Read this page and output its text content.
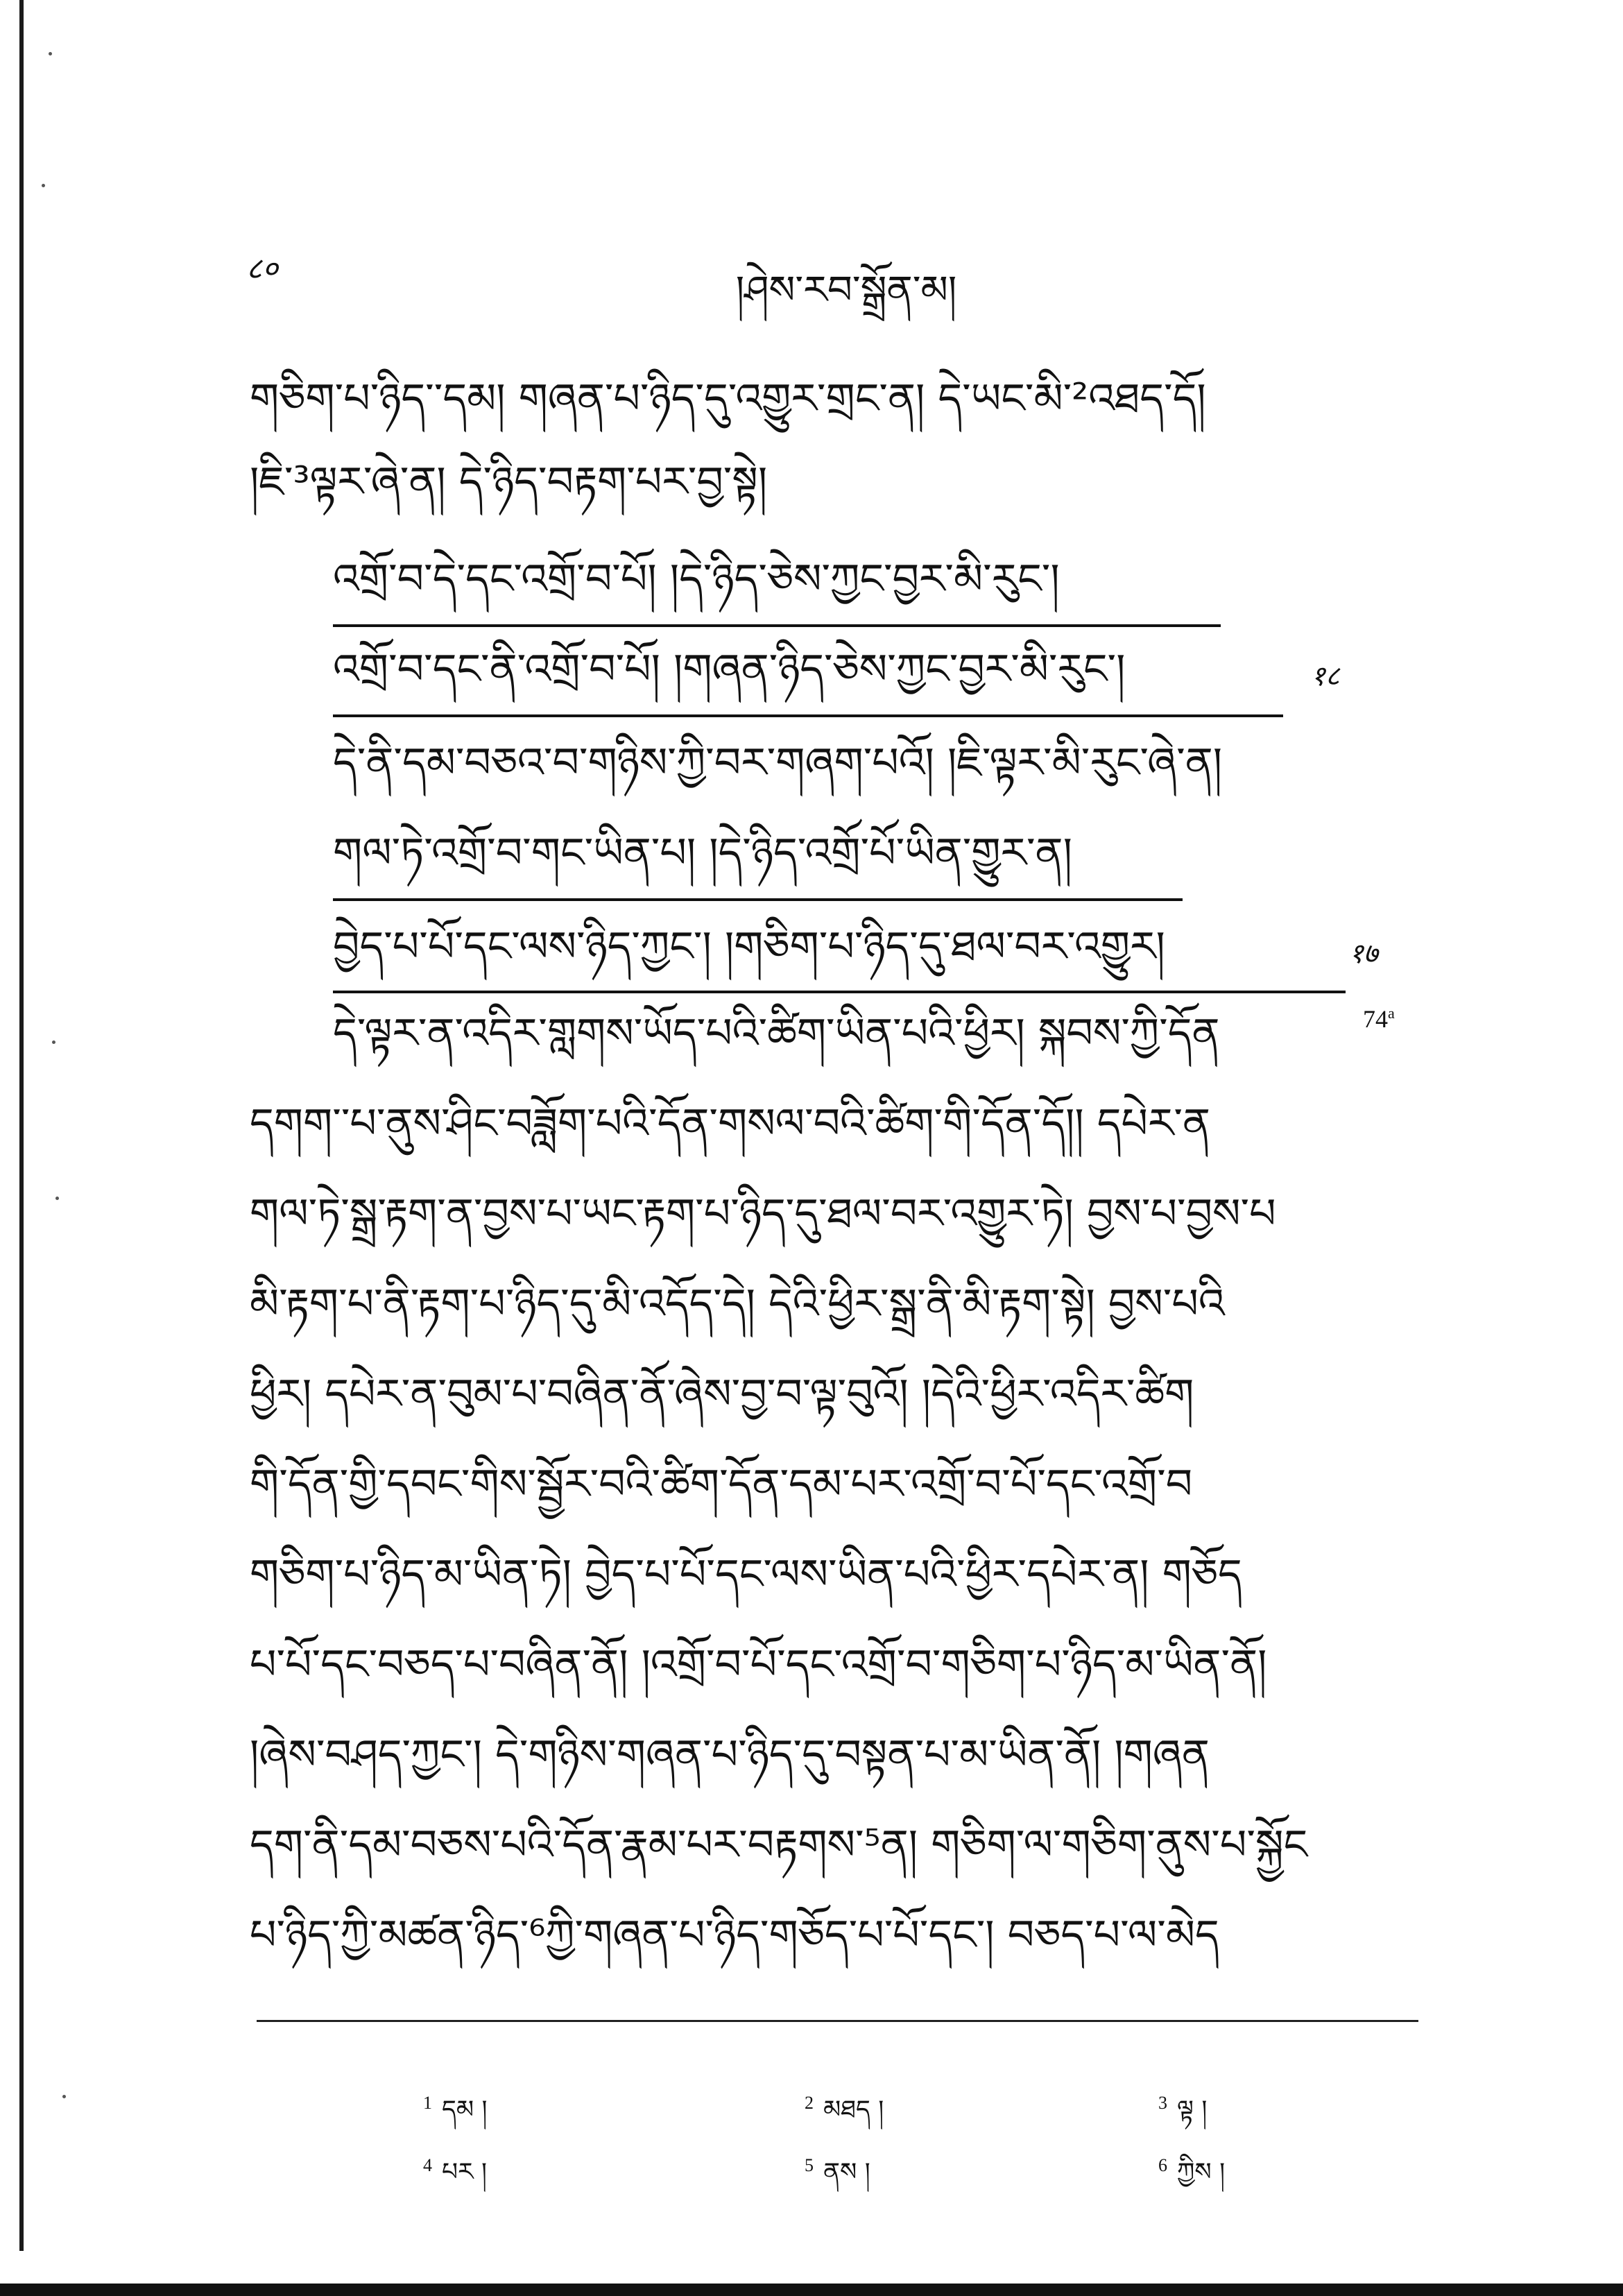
८०	།ཤེས་རབ་སྒྲོན་མ།
གཅིག་པ་ཉིད་་དམ། གཞན་པ་ཉིད་དུ་འགྱུར་གྲང་ན། དེ་ཡང་མི་²འཐད་དོ།
།ཇི་³ལྟར་ཞེ་ན། དེ་ཉིད་བརྟག་པར་བྱ་སྟེ།
འགྲོ་བ་དེ་དང་འགྲོ་བ་པོ། །དེ་ཉིད་ཅེས་ཀྱང་བྱར་མི་རུང་།
འགྲོ་བ་དང་ནི་འགྲོ་བ་པོ། །གཞན་ཉིད་ཅེས་ཀྱང་བྱར་མི་རུང་།	१८
དེ་ནི་དམ་བཅའ་བ་གཉིས་ཀྱི་བར་གཞག་པའོ། །ཇི་ལྟར་མི་རུང་ཞེ་ན།
གལ་ཏེ་འགྲོ་བ་གང་ཡིན་པ། །དེ་ཉིད་འགྲོ་པོ་ཡིན་གྱུར་ན།
བྱེད་པ་པོ་དང་ལས་ཉིད་ཀྱང་། །གཅིག་པ་ཉིད་དུ་ཐལ་བར་འགྱུར།	१७
74$^a$
དེ་ལྟར་ན་འདིར་གླགས་ཡོད་པའི་ཚིག་ཡིན་པའི་ཕྱིར། སྐབས་ཀྱི་དོན
དགག་་པ་ནུས་ཤིང་བཟློག་པའི་དོན་གསལ་བའི་ཚིག་གི་དོན་དོ།། དཔེར་ན
གལ་ཏེ་སྒྲ་རྟག་ན་བྱས་པ་ཡང་རྟག་པ་ཉིད་དུ་ཐལ་བར་འགྱུར་ཏེ། བྱས་པ་བྱས་པ
མི་རྟག་པ་ནི་རྟག་པ་ཉིད་དུ་མི་འདོད་དེ། དེའི་ཕྱིར་སྒྲ་ནི་མི་རྟག་སྟེ། བྱས་པའི
ཕྱིར། དཔེར་ན་བུམ་པ་བཞིན་ནོ་ཞེས་བྱ་བ་ལྟ་བུའོ། །དེའི་ཕྱིར་འདིར་ཚིག
གི་དོན་གྱི་དབང་གིས་སྦྱོར་བའི་ཚིག་དོན་དམ་པར་འགྲོ་བ་པོ་དང་འགྲོ་བ
གཅིག་པ་ཉིད་མ་ཡིན་ཏེ། བྱེད་པ་པོ་དང་ལས་ཡིན་པའི་ཕྱིར་དཔེར་ན། གཅོད
པ་པོ་དང་བཅད་པ་བཞིན་ནོ། །འགྲོ་བ་པོ་དང་འགྲོ་བ་གཅིག་པ་ཉིད་མ་ཡིན་ནོ།
།ཞེས་བཤད་ཀྱང་། དེ་གཉིས་གཞན་པ་ཉིད་དུ་བསྟན་པ་མ་ཡིན་ནོ། །གཞན
དག་ནི་དམ་བཅས་པའི་དོན་རྣམ་པར་བརྟགས་⁵ན། གཅིག་ལ་གཅིག་ནུས་པ་སྐྱོང
པ་ཉིད་ཀྱི་མཚན་ཉིད་⁶ཀྱི་གཞན་པ་ཉིད་གཅོད་པ་པོ་དང་། བཅད་པ་ལ་མེད
$^1$ དམ །	$^2$ མཐད །	$^3$ ལྟ །
$^4$ པར །	$^5$ ནས །	$^6$ ཀྱིས །
